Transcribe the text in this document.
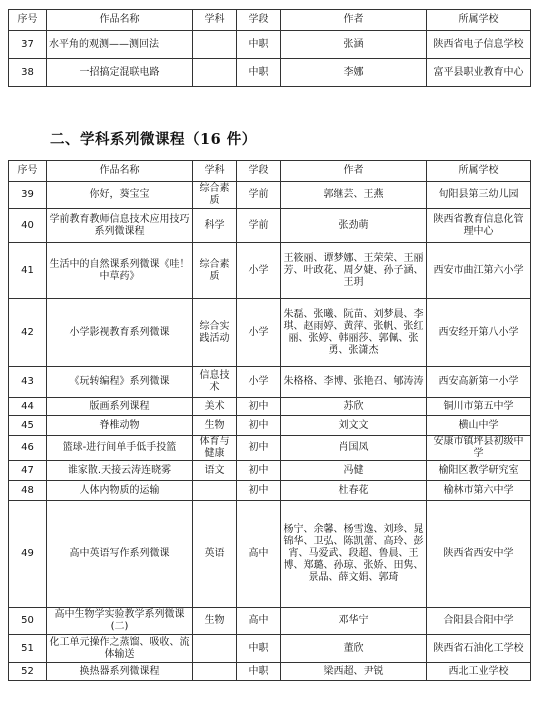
序号	作品名称	学科	学段	作者	所属学校
37	水平角的观测——测回法		中职	张涵	陕西省电子信息学校
38	一招搞定混联电路		中职	李娜	富平县职业教育中心
二、学科系列微课程（16 件）
序号	作品名称	学科	学段	作者	所属学校
39	你好，葵宝宝	综合素质	学前	郭继芸、王燕	旬阳县第三幼儿园
40	学前教育教师信息技术应用技巧系列微课程	科学	学前	张劲萌	陕西省教育信息化管理中心
41	生活中的自然课系列微课《哇！中草药》	综合素质	小学	王筱丽、谭梦娜、王荣荣、王丽芳、叶政花、周夕婕、孙子涵、王玥	西安市曲江第六小学
42	小学影视教育系列微课	综合实践活动	小学	朱磊、张曦、阮苗、刘梦晨、李琪、赵雨婷、黄萍、张帆、张红丽、张婷、韩丽莎、郭佩、张勇、张潇杰	西安经开第八小学
43	《玩转编程》系列微课	信息技术	小学	朱格格、李博、张艳召、郇涛涛	西安高新第一小学
44	版画系列课程	美术	初中	苏欣	铜川市第五中学
45	脊椎动物	生物	初中	刘文文	横山中学
46	篮球-进行间单手低手投篮	体育与健康	初中	肖国凤	安康市镇坪县初级中学
47	谁家散.天接云涛连晓雾	语文	初中	冯健	榆阳区教学研究室
48	人体内物质的运输		初中	杜春花	榆林市第六中学
49	高中英语写作系列微课	英语	高中	杨宁、余馨、杨雪逸、刘珍、晁锦华、卫弘、陈凯蕾、高玲、彭宵、马爱武、段超、鲁晨、王博、郑璐、孙琼、张娇、田隽、景晶、薛文娟、郭琦	陕西省西安中学
50	高中生物学实验教学系列微课(二)	生物	高中	邓华宁	合阳县合阳中学
51	化工单元操作之蒸馏、吸收、流体输送		中职	董欣	陕西省石油化工学校
52	换热器系列微课程		中职	梁西超、尹锐	西北工业学校
